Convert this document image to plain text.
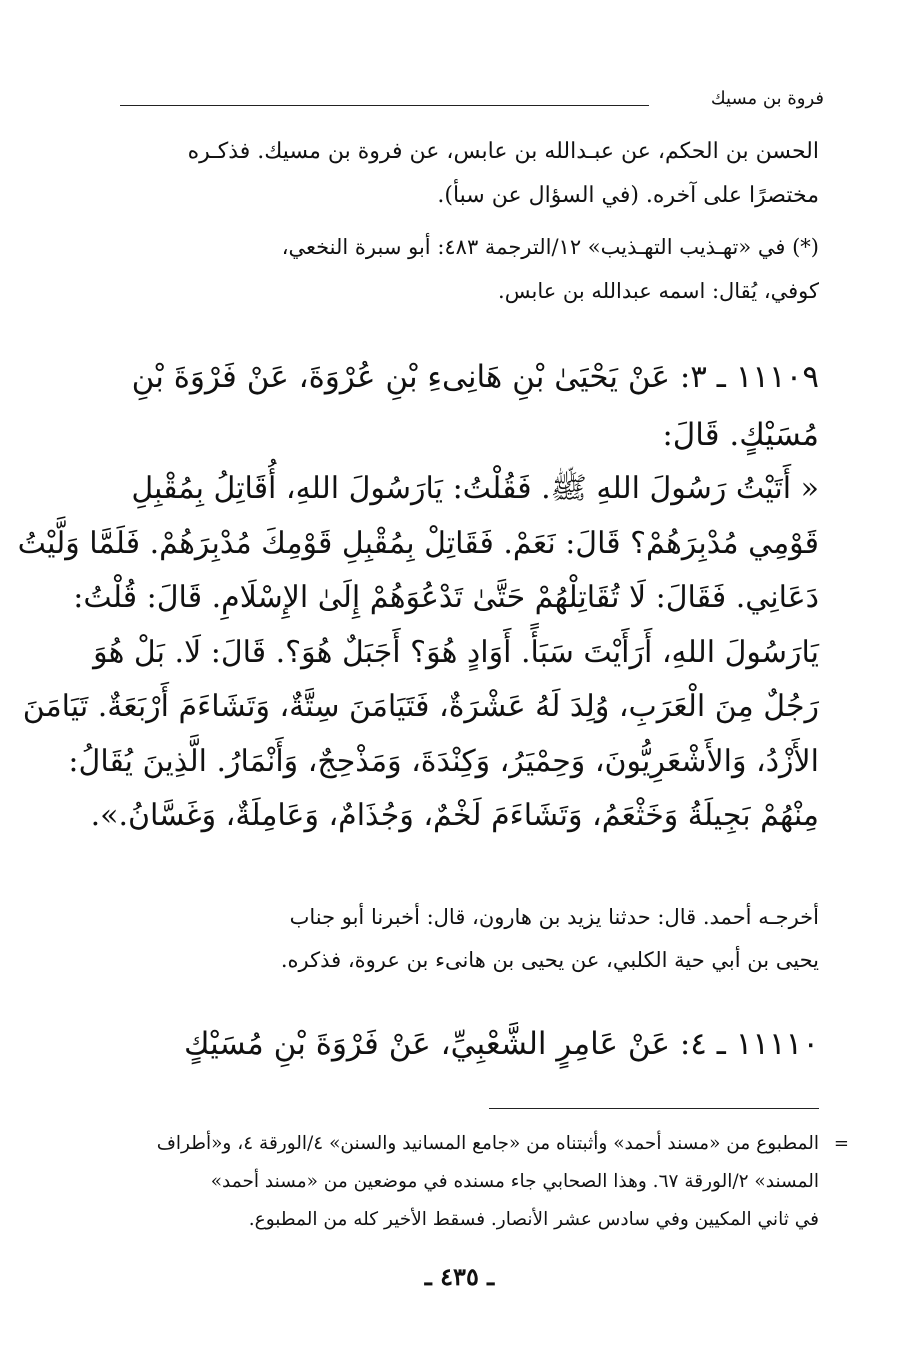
فروة بن مسيك
الحسن بن الحكم، عن عبـدالله بن عابس، عن فروة بن مسيك. فذكـره
مختصرًا على آخره. (في السؤال عن سبأ).
(*) في «تهـذيب التهـذيب» ١٢/الترجمة ٤٨٣: أبو سبرة النخعي،
كوفي، يُقال: اسمه عبدالله بن عابس.
١١١٠٩ ـ ٣: عَنْ يَحْيَىٰ بْنِ هَانِىءِ بْنِ عُرْوَةَ، عَنْ فَرْوَةَ بْنِ
مُسَيْكٍ. قَالَ:
« أَتَيْتُ رَسُولَ اللهِ ﷺ. فَقُلْتُ: يَارَسُولَ اللهِ، أُقَاتِلُ بِمُقْبِلِ
قَوْمِي مُدْبِرَهُمْ؟ قَالَ: نَعَمْ. فَقَاتِلْ بِمُقْبِلِ قَوْمِكَ مُدْبِرَهُمْ. فَلَمَّا وَلَّيْتُ
دَعَانِي. فَقَالَ: لَا تُقَاتِلْهُمْ حَتَّىٰ تَدْعُوَهُمْ إِلَىٰ الإِسْلَامِ. قَالَ: قُلْتُ:
يَارَسُولَ اللهِ، أَرَأَيْتَ سَبَأً. أَوَادٍ هُوَ؟ أَجَبَلٌ هُوَ؟. قَالَ: لَا. بَلْ هُوَ
رَجُلٌ مِنَ الْعَرَبِ، وُلِدَ لَهُ عَشْرَةٌ، فَتَيَامَنَ سِتَّةٌ، وَتَشَاءَمَ أَرْبَعَةٌ. تَيَامَنَ
الأَزْدُ، وَالأَشْعَرِيُّونَ، وَحِمْيَرُ، وَكِنْدَةَ، وَمَذْحِجٌ، وَأَنْمَارُ. الَّذِينَ يُقَالُ:
مِنْهُمْ بَجِيلَةُ وَخَثْعَمُ، وَتَشَاءَمَ لَخْمٌ، وَجُذَامٌ، وَعَامِلَةٌ، وَغَسَّانُ.».
أخرجـه أحمد. قال: حدثنا يزيد بن هارون، قال: أخبرنا أبو جناب
يحيى بن أبي حية الكلبي، عن يحيى بن هانىء بن عروة، فذكره.
١١١١٠ ـ ٤: عَنْ عَامِرٍ الشَّعْبِيِّ، عَنْ فَرْوَةَ بْنِ مُسَيْكٍ
=
المطبوع من «مسند أحمد» وأثبتناه من «جامع المسانيد والسنن» ٤/الورقة ٤، و«أطراف
المسند» ٢/الورقة ٦٧. وهذا الصحابي جاء مسنده في موضعين من «مسند أحمد»
في ثاني المكيين وفي سادس عشر الأنصار. فسقط الأخير كله من المطبوع.
ـ ٤٣٥ ـ
